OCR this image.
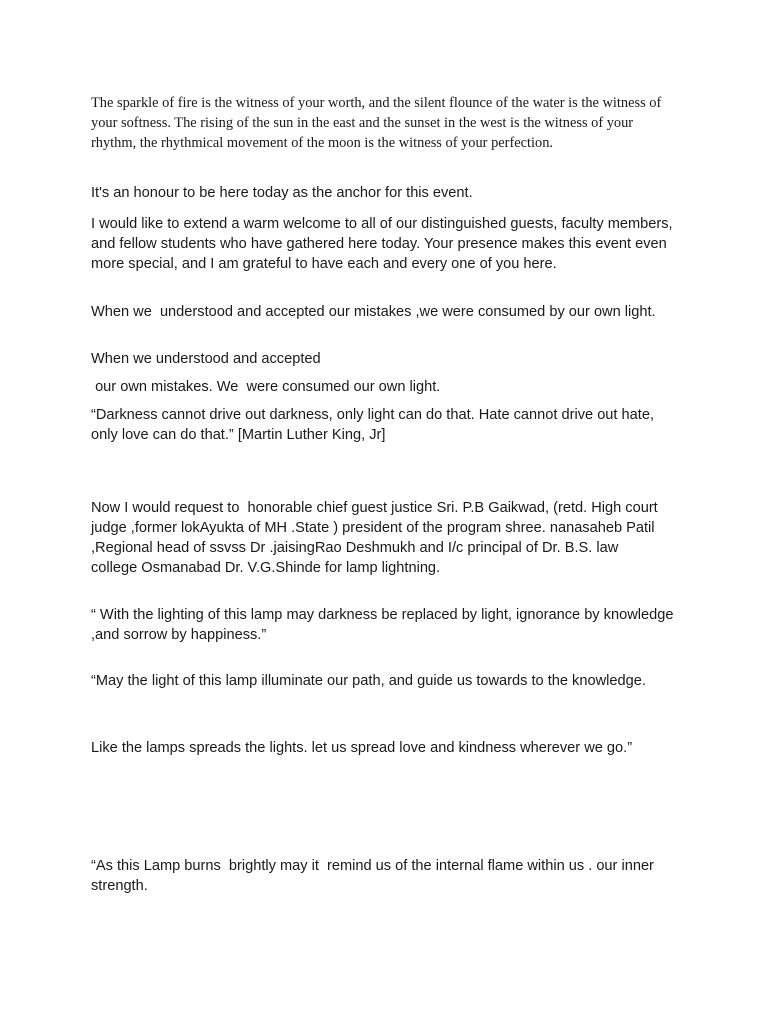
The sparkle of fire is the witness of your worth, and the silent flounce of the water is the witness of your softness. The rising of the sun in the east and the sunset in the west is the witness of your rhythm, the rhythmical movement of the moon is the witness of your perfection.

It's an honour to be here today as the anchor for this event.

I would like to extend a warm welcome to all of our distinguished guests, faculty members, and fellow students who have gathered here today. Your presence makes this event even more special, and I am grateful to have each and every one of you here.

When we  understood and accepted our mistakes ,we were consumed by our own light.

When we understood and accepted

our own mistakes. We  were consumed our own light.

“Darkness cannot drive out darkness, only light can do that. Hate cannot drive out hate, only love can do that.” [Martin Luther King, Jr]

Now I would request to  honorable chief guest justice Sri. P.B Gaikwad, (retd. High court judge ,former lokAyukta of MH .State ) president of the program shree. nanasaheb Patil ,Regional head of ssvss Dr .jaisingRao Deshmukh and I/c principal of Dr. B.S. law college Osmanabad Dr. V.G.Shinde for lamp lightning.

“ With the lighting of this lamp may darkness be replaced by light, ignorance by knowledge ,and sorrow by happiness.”

“May the light of this lamp illuminate our path, and guide us towards to the knowledge.

Like the lamps spreads the lights. let us spread love and kindness wherever we go.”

“As this Lamp burns  brightly may it  remind us of the internal flame within us . our inner strength.
